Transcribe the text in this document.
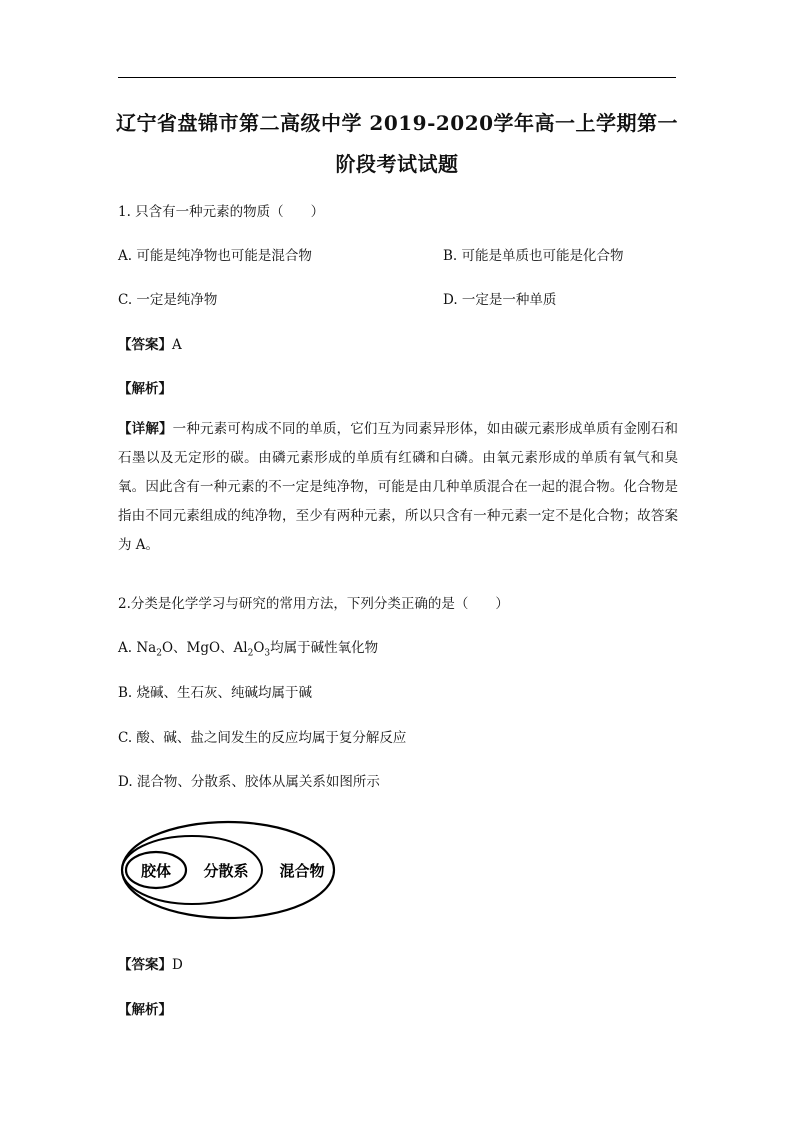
辽宁省盘锦市第二高级中学 2019-2020学年高一上学期第一
阶段考试试题
1. 只含有一种元素的物质（　　）
A. 可能是纯净物也可能是混合物	B. 可能是单质也可能是化合物
C. 一定是纯净物	D. 一定是一种单质
【答案】A
【解析】
【详解】一种元素可构成不同的单质，它们互为同素异形体，如由碳元素形成单质有金刚石和石墨以及无定形的碳。由磷元素形成的单质有红磷和白磷。由氧元素形成的单质有氧气和臭氧。因此含有一种元素的不一定是纯净物，可能是由几种单质混合在一起的混合物。化合物是指由不同元素组成的纯净物，至少有两种元素，所以只含有一种元素一定不是化合物；故答案为 A。
2.分类是化学学习与研究的常用方法，下列分类正确的是（　　）
A. $Na_2O$、MgO、$Al_2O_3$均属于碱性氧化物
B. 烧碱、生石灰、纯碱均属于碱
C. 酸、碱、盐之间发生的反应均属于复分解反应
D. 混合物、分散系、胶体从属关系如图所示
胶体 分散系 混合物
【答案】D
【解析】
